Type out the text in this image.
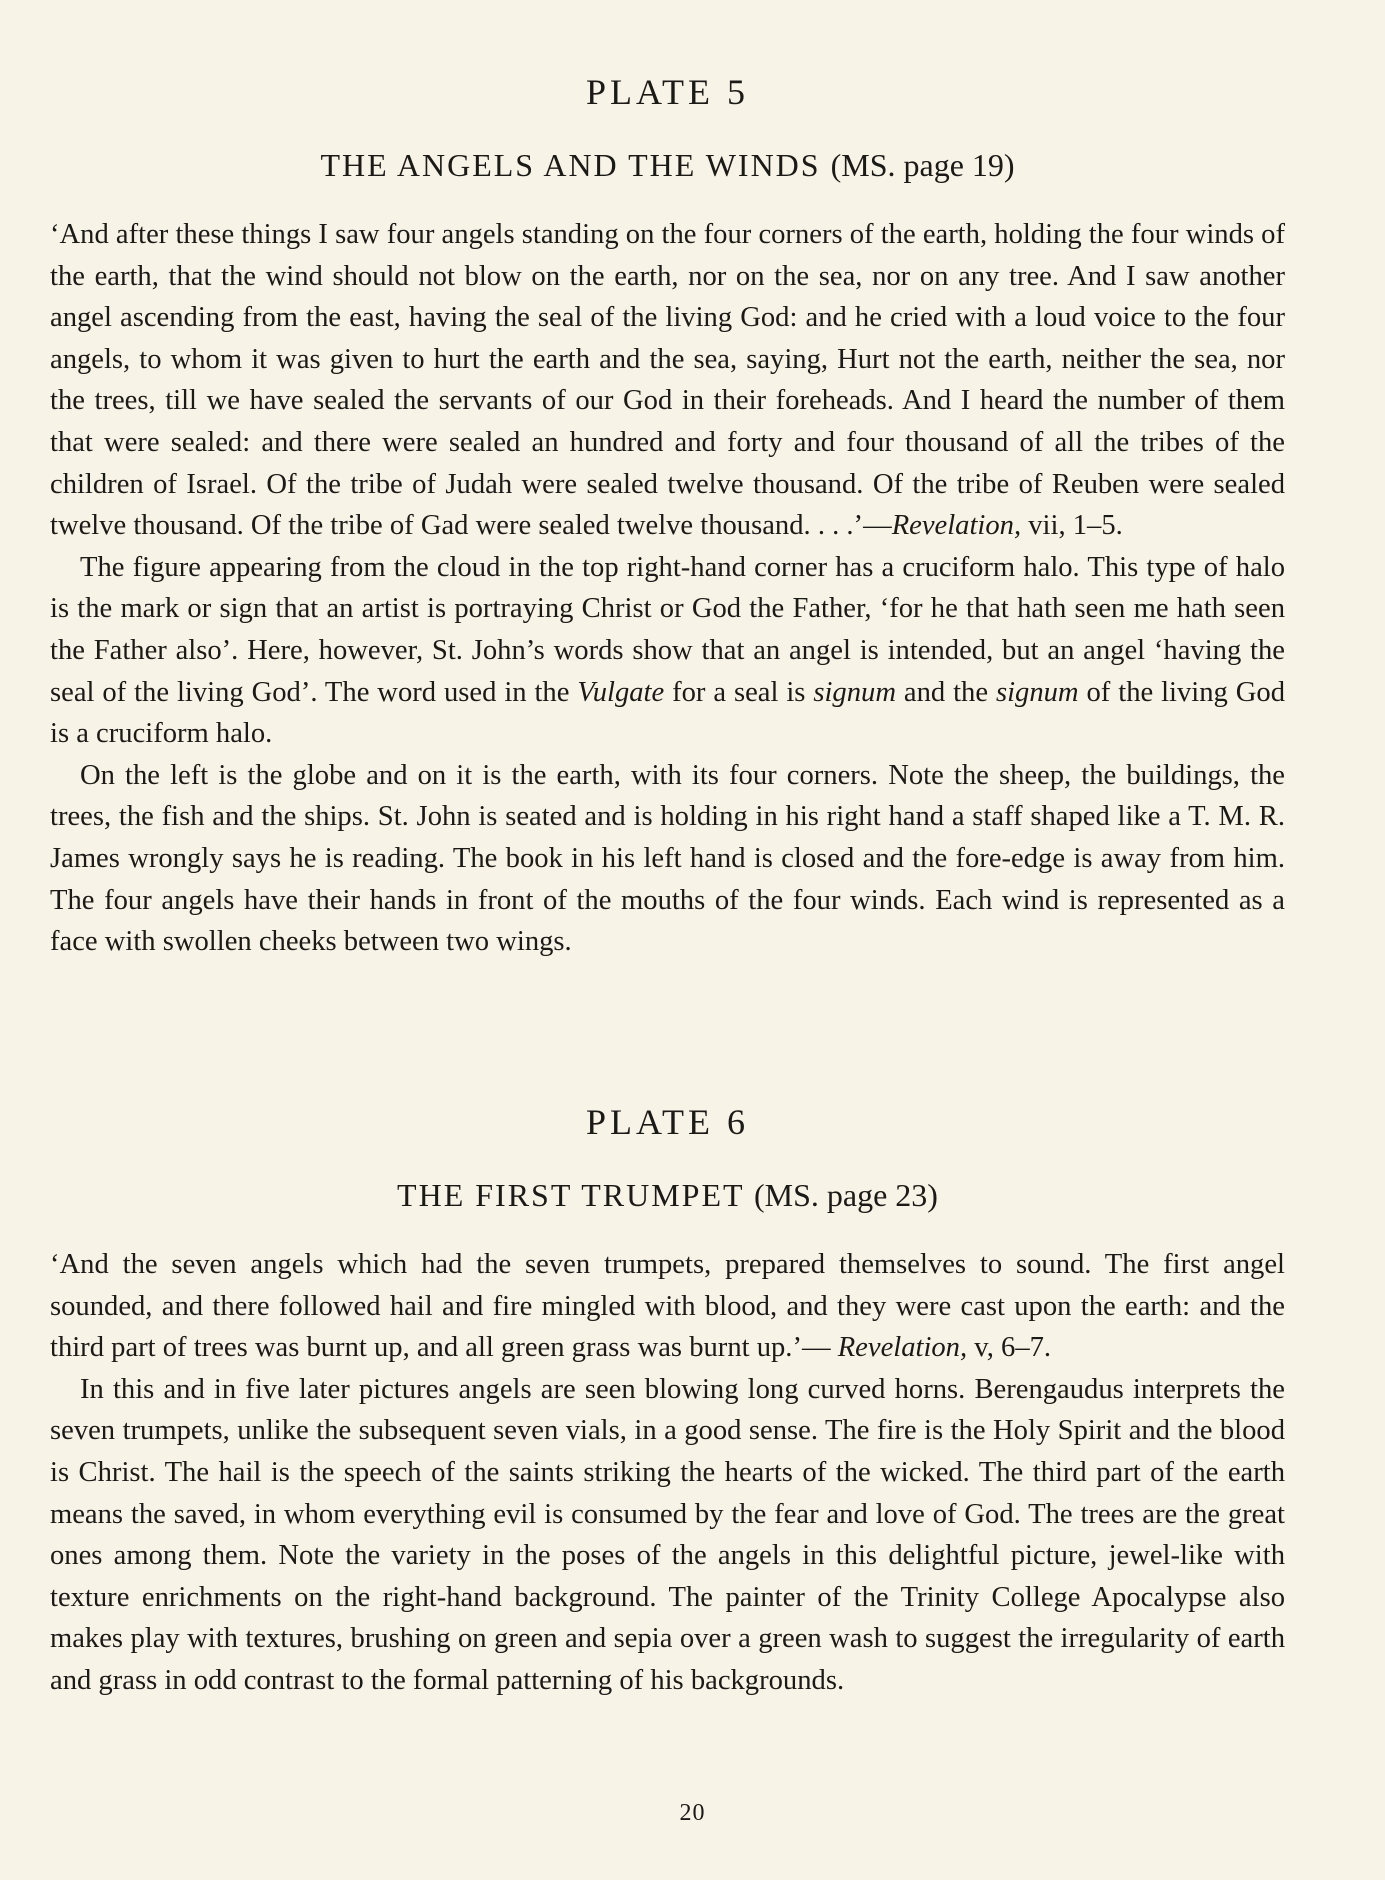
PLATE 5
THE ANGELS AND THE WINDS (MS. page 19)

‘And after these things I saw four angels standing on the four corners of the earth, holding the four winds of the earth, that the wind should not blow on the earth, nor on the sea, nor on any tree. And I saw another angel ascending from the east, having the seal of the living God: and he cried with a loud voice to the four angels, to whom it was given to hurt the earth and the sea, saying, Hurt not the earth, neither the sea, nor the trees, till we have sealed the servants of our God in their foreheads. And I heard the number of them that were sealed: and there were sealed an hundred and forty and four thousand of all the tribes of the children of Israel. Of the tribe of Judah were sealed twelve thousand. Of the tribe of Reuben were sealed twelve thousand. Of the tribe of Gad were sealed twelve thousand. . . .’—Revelation, vii, 1–5.

The figure appearing from the cloud in the top right-hand corner has a cruciform halo. This type of halo is the mark or sign that an artist is portraying Christ or God the Father, ‘for he that hath seen me hath seen the Father also’. Here, however, St. John’s words show that an angel is intended, but an angel ‘having the seal of the living God’. The word used in the Vulgate for a seal is signum and the signum of the living God is a cruciform halo.

On the left is the globe and on it is the earth, with its four corners. Note the sheep, the buildings, the trees, the fish and the ships. St. John is seated and is holding in his right hand a staff shaped like a T. M. R. James wrongly says he is reading. The book in his left hand is closed and the fore-edge is away from him. The four angels have their hands in front of the mouths of the four winds. Each wind is represented as a face with swollen cheeks between two wings.

PLATE 6
THE FIRST TRUMPET (MS. page 23)

‘And the seven angels which had the seven trumpets, prepared themselves to sound. The first angel sounded, and there followed hail and fire mingled with blood, and they were cast upon the earth: and the third part of trees was burnt up, and all green grass was burnt up.’— Revelation, v, 6–7.

In this and in five later pictures angels are seen blowing long curved horns. Berengaudus interprets the seven trumpets, unlike the subsequent seven vials, in a good sense. The fire is the Holy Spirit and the blood is Christ. The hail is the speech of the saints striking the hearts of the wicked. The third part of the earth means the saved, in whom everything evil is consumed by the fear and love of God. The trees are the great ones among them. Note the variety in the poses of the angels in this delightful picture, jewel-like with texture enrichments on the right-hand background. The painter of the Trinity College Apocalypse also makes play with textures, brushing on green and sepia over a green wash to suggest the irregularity of earth and grass in odd contrast to the formal patterning of his backgrounds.

20
